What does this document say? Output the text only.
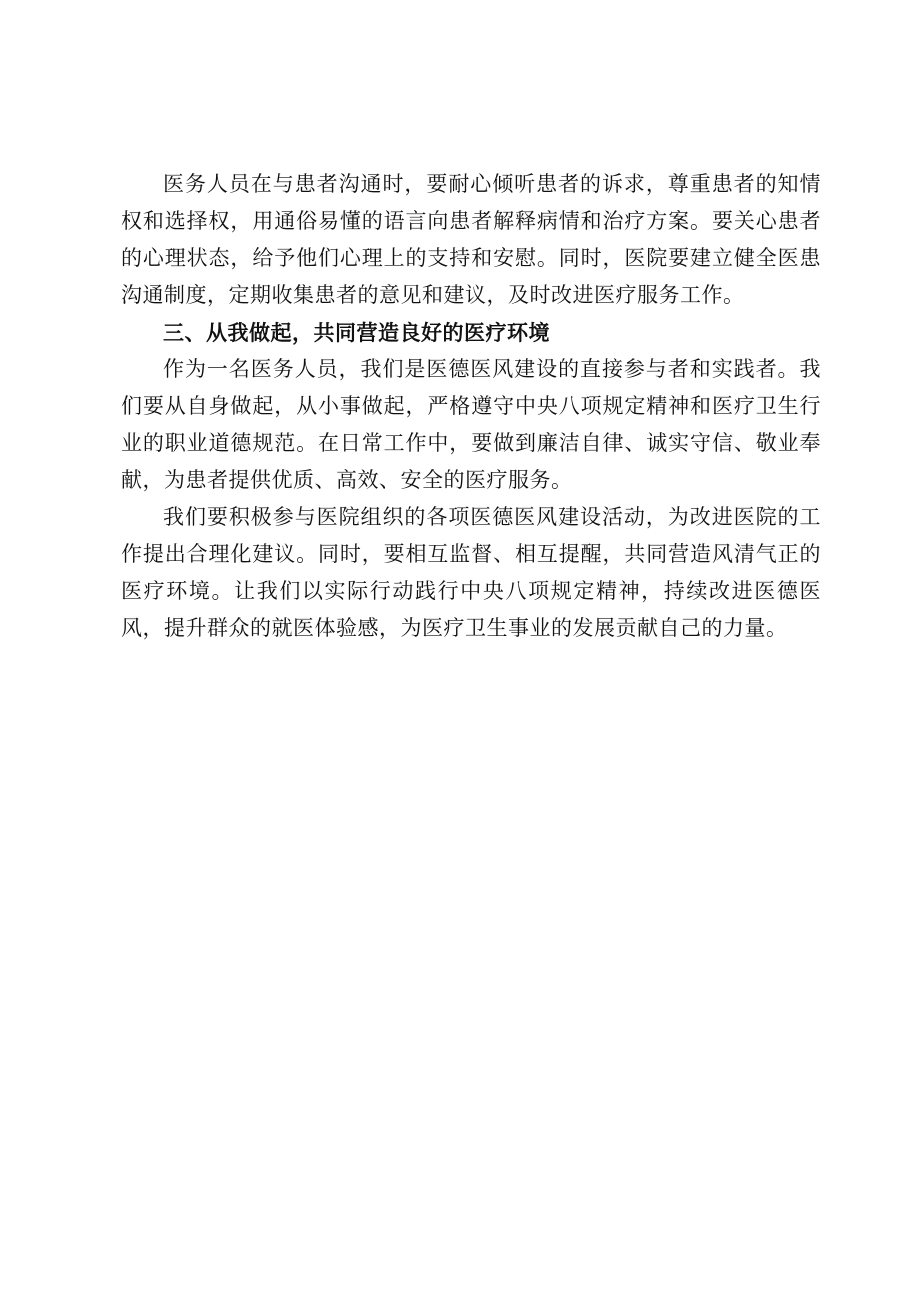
医务人员在与患者沟通时，要耐心倾听患者的诉求，尊重患者的知情权和选择权，用通俗易懂的语言向患者解释病情和治疗方案。要关心患者的心理状态，给予他们心理上的支持和安慰。同时，医院要建立健全医患沟通制度，定期收集患者的意见和建议，及时改进医疗服务工作。

三、从我做起，共同营造良好的医疗环境

作为一名医务人员，我们是医德医风建设的直接参与者和实践者。我们要从自身做起，从小事做起，严格遵守中央八项规定精神和医疗卫生行业的职业道德规范。在日常工作中，要做到廉洁自律、诚实守信、敬业奉献，为患者提供优质、高效、安全的医疗服务。

我们要积极参与医院组织的各项医德医风建设活动，为改进医院的工作提出合理化建议。同时，要相互监督、相互提醒，共同营造风清气正的医疗环境。让我们以实际行动践行中央八项规定精神，持续改进医德医风，提升群众的就医体验感，为医疗卫生事业的发展贡献自己的力量。
